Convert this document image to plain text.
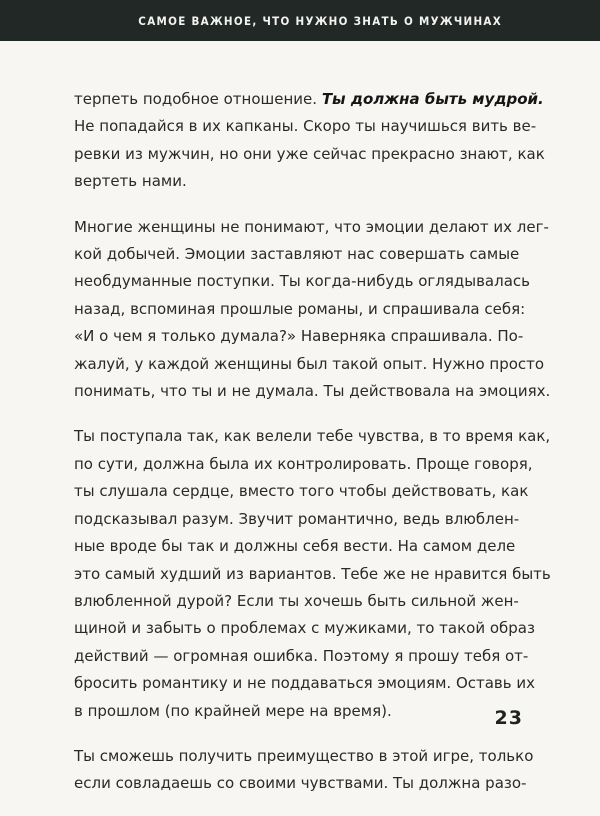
САМОЕ ВАЖНОЕ, ЧТО НУЖНО ЗНАТЬ О МУЖЧИНАХ
терпеть подобное отношение. Ты должна быть мудрой.
Не попадайся в их капканы. Скоро ты научишься вить ве-
ревки из мужчин, но они уже сейчас прекрасно знают, как
вертеть нами.
Многие женщины не понимают, что эмоции делают их лег-
кой добычей. Эмоции заставляют нас совершать самые
необдуманные поступки. Ты когда-нибудь оглядывалась
назад, вспоминая прошлые романы, и спрашивала себя:
«И о чем я только думала?» Наверняка спрашивала. По-
жалуй, у каждой женщины был такой опыт. Нужно просто
понимать, что ты и не думала. Ты действовала на эмоциях.
Ты поступала так, как велели тебе чувства, в то время как,
по сути, должна была их контролировать. Проще говоря,
ты слушала сердце, вместо того чтобы действовать, как
подсказывал разум. Звучит романтично, ведь влюблен-
ные вроде бы так и должны себя вести. На самом деле
это самый худший из вариантов. Тебе же не нравится быть
влюбленной дурой? Если ты хочешь быть сильной жен-
щиной и забыть о проблемах с мужиками, то такой образ
действий — огромная ошибка. Поэтому я прошу тебя от-
бросить романтику и не поддаваться эмоциям. Оставь их
в прошлом (по крайней мере на время).
Ты сможешь получить преимущество в этой игре, только
если совладаешь со своими чувствами. Ты должна разо-
23
